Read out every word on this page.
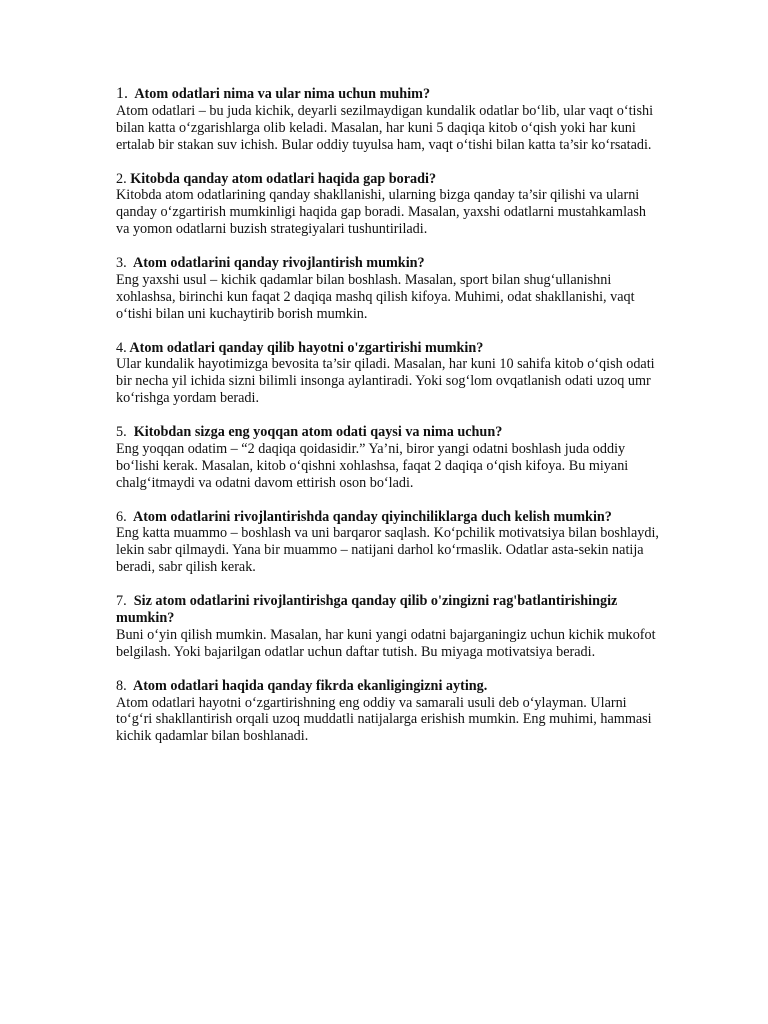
1. Atom odatlari nima va ular nima uchun muhim?
Atom odatlari – bu juda kichik, deyarli sezilmaydigan kundalik odatlar bo‘lib, ular vaqt o‘tishi bilan katta o‘zgarishlarga olib keladi. Masalan, har kuni 5 daqiqa kitob o‘qish yoki har kuni ertalab bir stakan suv ichish. Bular oddiy tuyulsa ham, vaqt o‘tishi bilan katta ta’sir ko‘rsatadi.
2. Kitobda qanday atom odatlari haqida gap boradi?
Kitobda atom odatlarining qanday shakllanishi, ularning bizga qanday ta’sir qilishi va ularni qanday o‘zgartirish mumkinligi haqida gap boradi. Masalan, yaxshi odatlarni mustahkamlash va yomon odatlarni buzish strategiyalari tushuntiriladi.
3. Atom odatlarini qanday rivojlantirish mumkin?
Eng yaxshi usul – kichik qadamlar bilan boshlash. Masalan, sport bilan shug‘ullanishni xohlashsa, birinchi kun faqat 2 daqiqa mashq qilish kifoya. Muhimi, odat shakllanishi, vaqt o‘tishi bilan uni kuchaytirib borish mumkin.
4. Atom odatlari qanday qilib hayotni o'zgartirishi mumkin?
Ular kundalik hayotimizga bevosita ta’sir qiladi. Masalan, har kuni 10 sahifa kitob o‘qish odati bir necha yil ichida sizni bilimli insonga aylantiradi. Yoki sog‘lom ovqatlanish odati uzoq umr ko‘rishga yordam beradi.
5. Kitobdan sizga eng yoqqan atom odati qaysi va nima uchun?
Eng yoqqan odatim – “2 daqiqa qoidasidir.” Ya’ni, biror yangi odatni boshlash juda oddiy bo‘lishi kerak. Masalan, kitob o‘qishni xohlashsa, faqat 2 daqiqa o‘qish kifoya. Bu miyani chalg‘itmaydi va odatni davom ettirish oson bo‘ladi.
6. Atom odatlarini rivojlantirishda qanday qiyinchiliklarga duch kelish mumkin?
Eng katta muammo – boshlash va uni barqaror saqlash. Ko‘pchilik motivatsiya bilan boshlaydi, lekin sabr qilmaydi. Yana bir muammo – natijani darhol ko‘rmaslik. Odatlar asta-sekin natija beradi, sabr qilish kerak.
7. Siz atom odatlarini rivojlantirishga qanday qilib o'zingizni rag'batlantirishingiz mumkin?
Buni o‘yin qilish mumkin. Masalan, har kuni yangi odatni bajarganingiz uchun kichik mukofot belgilash. Yoki bajarilgan odatlar uchun daftar tutish. Bu miyaga motivatsiya beradi.
8. Atom odatlari haqida qanday fikrda ekanligingizni ayting.
Atom odatlari hayotni o‘zgartirishning eng oddiy va samarali usuli deb o‘ylayman. Ularni to‘g‘ri shakllantirish orqali uzoq muddatli natijalarga erishish mumkin. Eng muhimi, hammasi kichik qadamlar bilan boshlanadi.
